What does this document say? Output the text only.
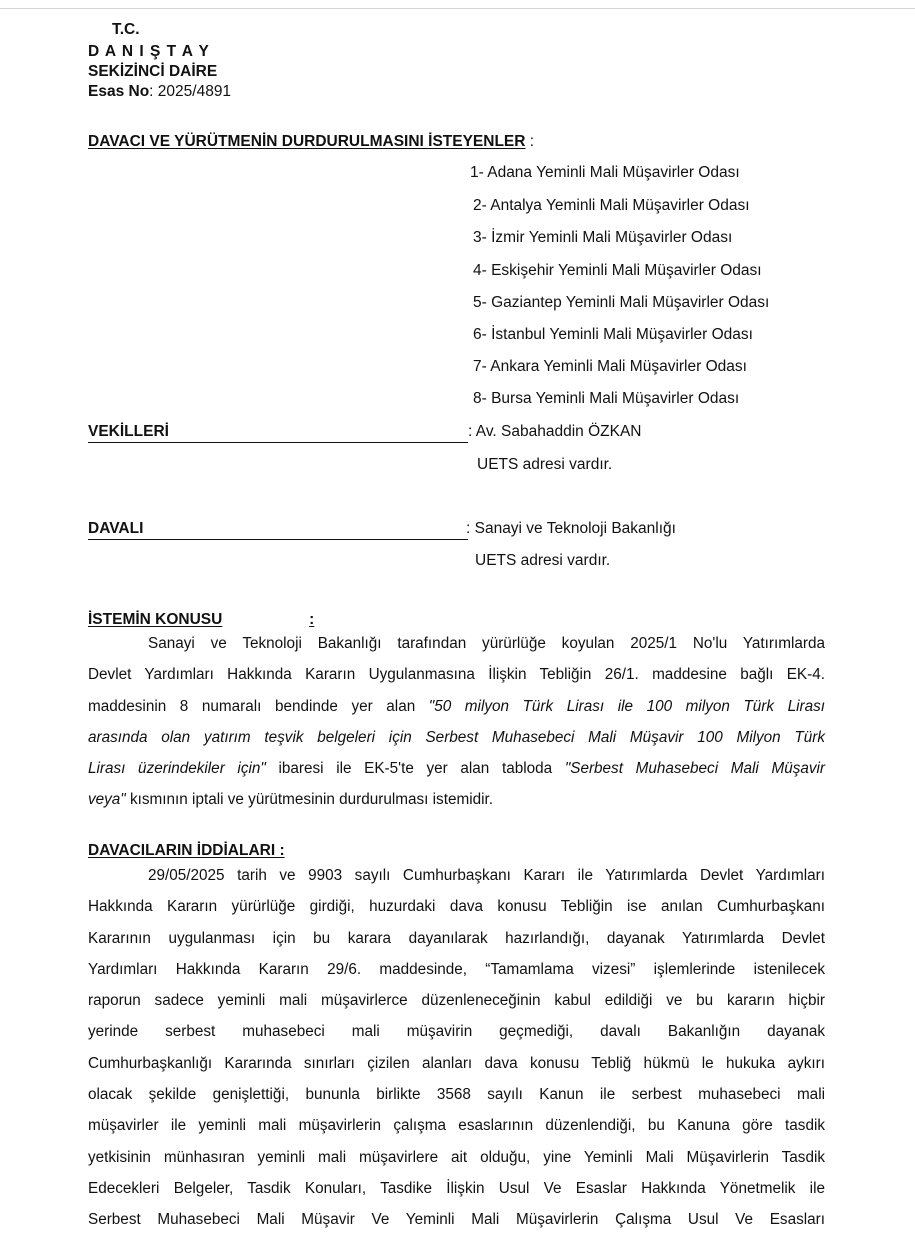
T.C.
D A N I Ş T A Y
SEKİZİNCİ DAİRE
Esas No: 2025/4891
DAVACI VE YÜRÜTMENİN DURDURULMASINI İSTEYENLER :
1- Adana Yeminli Mali Müşavirler Odası
2- Antalya Yeminli Mali Müşavirler Odası
3- İzmir Yeminli Mali Müşavirler Odası
4- Eskişehir Yeminli Mali Müşavirler Odası
5- Gaziantep Yeminli Mali Müşavirler Odası
6- İstanbul Yeminli Mali Müşavirler Odası
7- Ankara Yeminli Mali Müşavirler Odası
8- Bursa Yeminli Mali Müşavirler Odası
VEKİLLERİ	: Av. Sabahaddin ÖZKAN
UETS adresi vardır.
DAVALI	: Sanayi ve Teknoloji Bakanlığı
UETS adresi vardır.
İSTEMİN KONUSU	:
Sanayi ve Teknoloji Bakanlığı tarafından yürürlüğe koyulan 2025/1 No'lu Yatırımlarda
Devlet Yardımları Hakkında Kararın Uygulanmasına İlişkin Tebliğin 26/1. maddesine bağlı EK-4.
maddesinin 8 numaralı bendinde yer alan "50 milyon Türk Lirası ile 100 milyon Türk Lirası
arasında olan yatırım teşvik belgeleri için Serbest Muhasebeci Mali Müşavir 100 Milyon Türk
Lirası üzerindekiler için" ibaresi ile EK-5'te yer alan tabloda "Serbest Muhasebeci Mali Müşavir
veya" kısmının iptali ve yürütmesinin durdurulması istemidir.
DAVACILARIN İDDİALARI :
29/05/2025 tarih ve 9903 sayılı Cumhurbaşkanı Kararı ile Yatırımlarda Devlet Yardımları
Hakkında Kararın yürürlüğe girdiği, huzurdaki dava konusu Tebliğin ise anılan Cumhurbaşkanı
Kararının uygulanması için bu karara dayanılarak hazırlandığı, dayanak Yatırımlarda Devlet
Yardımları Hakkında Kararın 29/6. maddesinde, “Tamamlama vizesi” işlemlerinde istenilecek
raporun sadece yeminli mali müşavirlerce düzenleneceğinin kabul edildiği ve bu kararın hiçbir
yerinde serbest muhasebeci mali müşavirin geçmediği, davalı Bakanlığın dayanak
Cumhurbaşkanlığı Kararında sınırları çizilen alanları dava konusu Tebliğ hükmü le hukuka aykırı
olacak şekilde genişlettiği, bununla birlikte 3568 sayılı Kanun ile serbest muhasebeci mali
müşavirler ile yeminli mali müşavirlerin çalışma esaslarının düzenlendiği, bu Kanuna göre tasdik
yetkisinin münhasıran yeminli mali müşavirlere ait olduğu, yine Yeminli Mali Müşavirlerin Tasdik
Edecekleri Belgeler, Tasdik Konuları, Tasdike İlişkin Usul Ve Esaslar Hakkında Yönetmelik ile
Serbest Muhasebeci Mali Müşavir Ve Yeminli Mali Müşavirlerin Çalışma Usul Ve Esasları
